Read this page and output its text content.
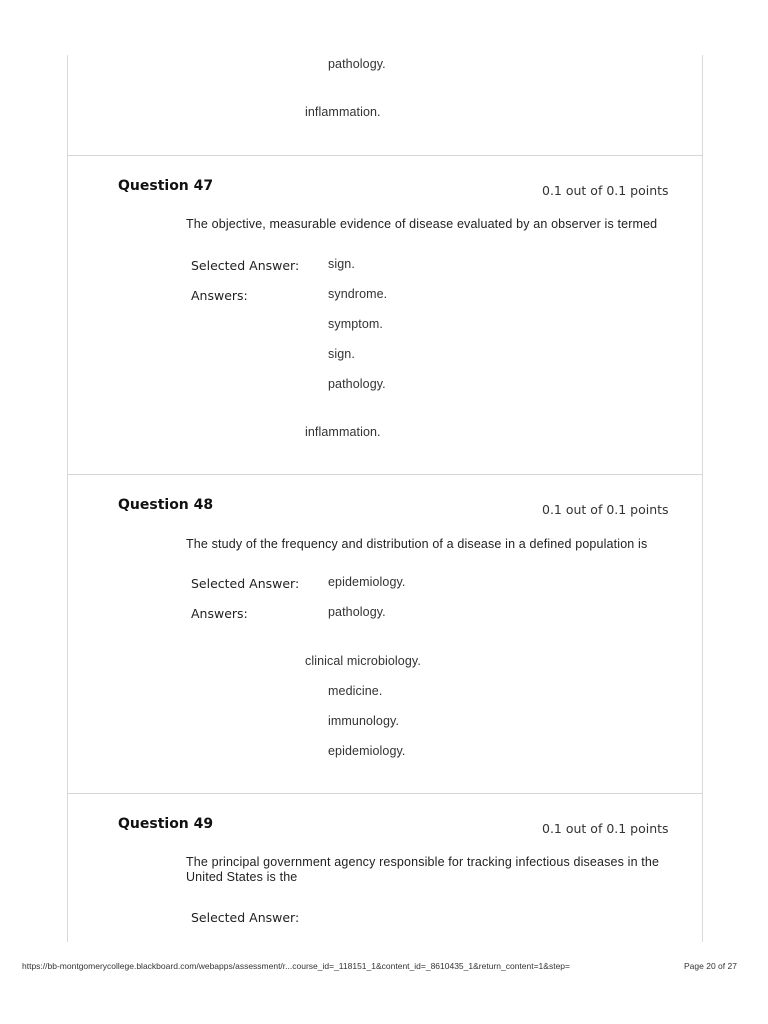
pathology.
inflammation.
Question 47	0.1 out of 0.1 points
The objective, measurable evidence of disease evaluated by an observer is termed
Selected Answer: sign.
Answers:	syndrome.
symptom.
sign.
pathology.
inflammation.
Question 48	0.1 out of 0.1 points
The study of the frequency and distribution of a disease in a defined population is
Selected Answer: epidemiology.
Answers:	pathology.
clinical microbiology.
medicine.
immunology.
epidemiology.
Question 49	0.1 out of 0.1 points
The principal government agency responsible for tracking infectious diseases in the
United States is the
Selected Answer:
https://bb-montgomerycollege.blackboard.com/webapps/assessment/r...course_id=_118151_1&content_id=_8610435_1&return_content=1&step=	Page 20 of 27
